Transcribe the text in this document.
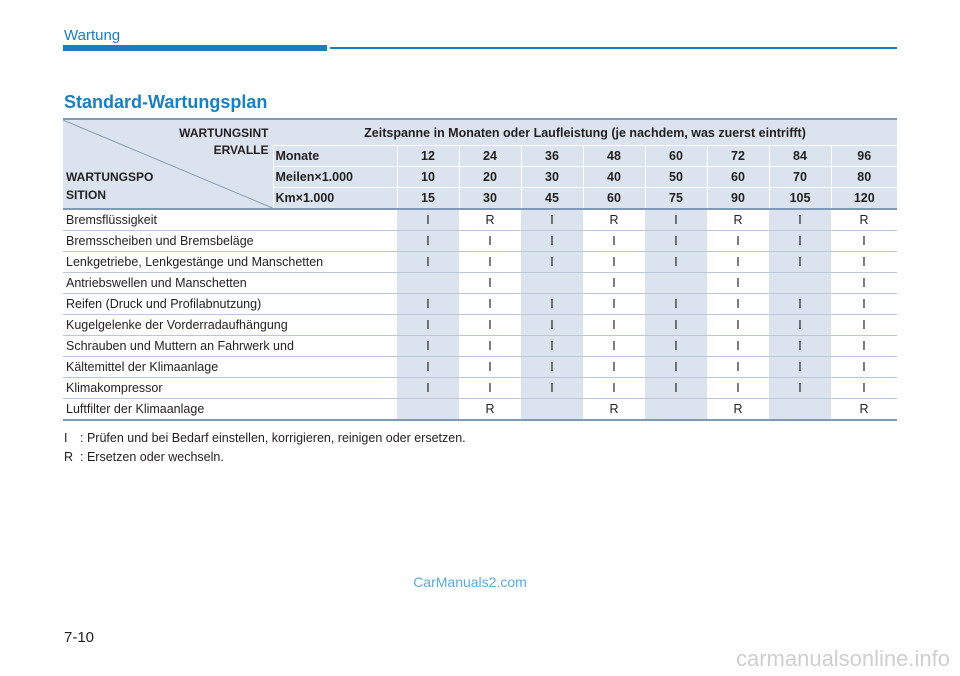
Wartung
Standard-Wartungsplan
WARTUNGSINT
ERVALLE
WARTUNGSPO
SITION	Zeitspanne in Monaten oder Laufleistung (je nachdem, was zuerst eintrifft)								
	Monate	12	24	36	48	60	72	84	96
	Meilen×1.000	10	20	30	40	50	60	70	80
	Km×1.000	15	30	45	60	75	90	105	120
Bremsflüssigkeit		I	R	I	R	I	R	I	R
Bremsscheiben und Bremsbeläge		I	I	I	I	I	I	I	I
Lenkgetriebe, Lenkgestänge und Manschetten		I	I	I	I	I	I	I	I
Antriebswellen und Manschetten			I		I		I		I
Reifen (Druck und Profilabnutzung)		I	I	I	I	I	I	I	I
Kugelgelenke der Vorderradaufhängung		I	I	I	I	I	I	I	I
Schrauben und Muttern an Fahrwerk und		I	I	I	I	I	I	I	I
Kältemittel der Klimaanlage		I	I	I	I	I	I	I	I
Klimakompressor		I	I	I	I	I	I	I	I
Luftfilter der Klimaanlage			R		R		R		R
I : Prüfen und bei Bedarf einstellen, korrigieren, reinigen oder ersetzen.
R : Ersetzen oder wechseln.
CarManuals2.com
7-10
carmanualsonline.info
